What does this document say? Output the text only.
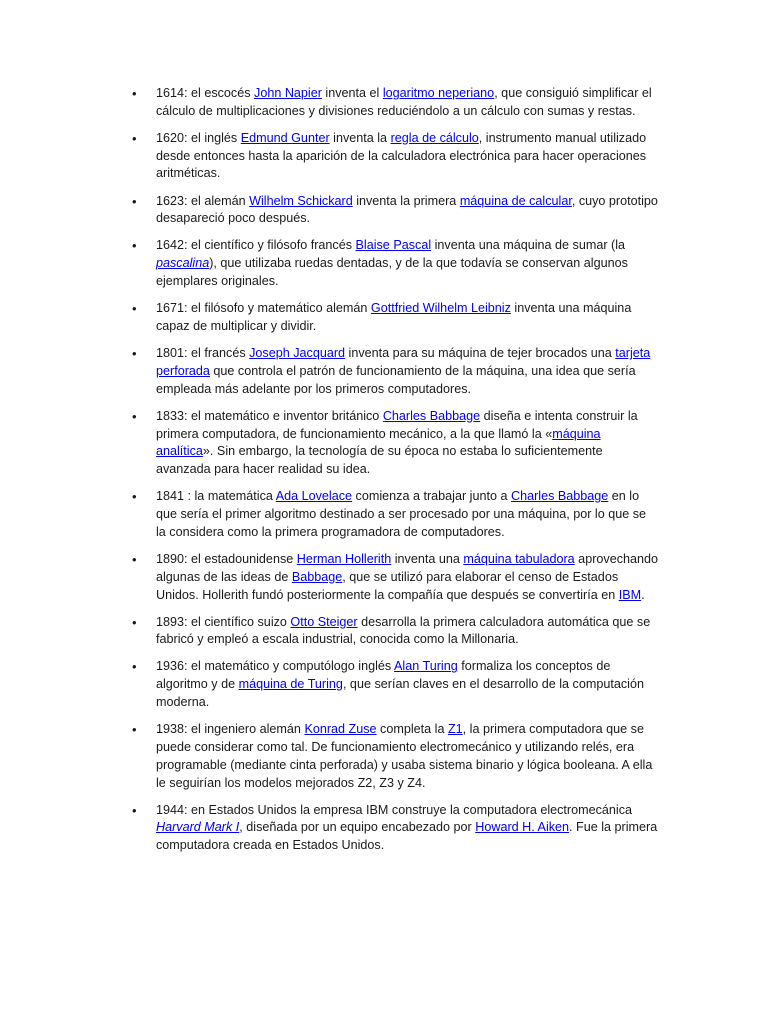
•	1614: el escocés John Napier inventa el logaritmo neperiano, que consiguió simplificar el cálculo de multiplicaciones y divisiones reduciéndolo a un cálculo con sumas y restas.
•	1620: el inglés Edmund Gunter inventa la regla de cálculo, instrumento manual utilizado desde entonces hasta la aparición de la calculadora electrónica para hacer operaciones aritméticas.
•	1623: el alemán Wilhelm Schickard inventa la primera máquina de calcular, cuyo prototipo desapareció poco después.
•	1642: el científico y filósofo francés Blaise Pascal inventa una máquina de sumar (la pascalina), que utilizaba ruedas dentadas, y de la que todavía se conservan algunos ejemplares originales.
•	1671: el filósofo y matemático alemán Gottfried Wilhelm Leibniz inventa una máquina capaz de multiplicar y dividir.
•	1801: el francés Joseph Jacquard inventa para su máquina de tejer brocados una tarjeta perforada que controla el patrón de funcionamiento de la máquina, una idea que sería empleada más adelante por los primeros computadores.
•	1833: el matemático e inventor británico Charles Babbage diseña e intenta construir la primera computadora, de funcionamiento mecánico, a la que llamó la «máquina analítica». Sin embargo, la tecnología de su época no estaba lo suficientemente avanzada para hacer realidad su idea.
•	1841 : la matemática Ada Lovelace comienza a trabajar junto a Charles Babbage en lo que sería el primer algoritmo destinado a ser procesado por una máquina, por lo que se la considera como la primera programadora de computadores.
•	1890: el estadounidense Herman Hollerith inventa una máquina tabuladora aprovechando algunas de las ideas de Babbage, que se utilizó para elaborar el censo de Estados Unidos. Hollerith fundó posteriormente la compañía que después se convertiría en IBM.
•	1893: el científico suizo Otto Steiger desarrolla la primera calculadora automática que se fabricó y empleó a escala industrial, conocida como la Millonaria.
•	1936: el matemático y computólogo inglés Alan Turing formaliza los conceptos de algoritmo y de máquina de Turing, que serían claves en el desarrollo de la computación moderna.
•	1938: el ingeniero alemán Konrad Zuse completa la Z1, la primera computadora que se puede considerar como tal. De funcionamiento electromecánico y utilizando relés, era programable (mediante cinta perforada) y usaba sistema binario y lógica booleana. A ella le seguirían los modelos mejorados Z2, Z3 y Z4.
•	1944: en Estados Unidos la empresa IBM construye la computadora electromecánica Harvard Mark I, diseñada por un equipo encabezado por Howard H. Aiken. Fue la primera computadora creada en Estados Unidos.
